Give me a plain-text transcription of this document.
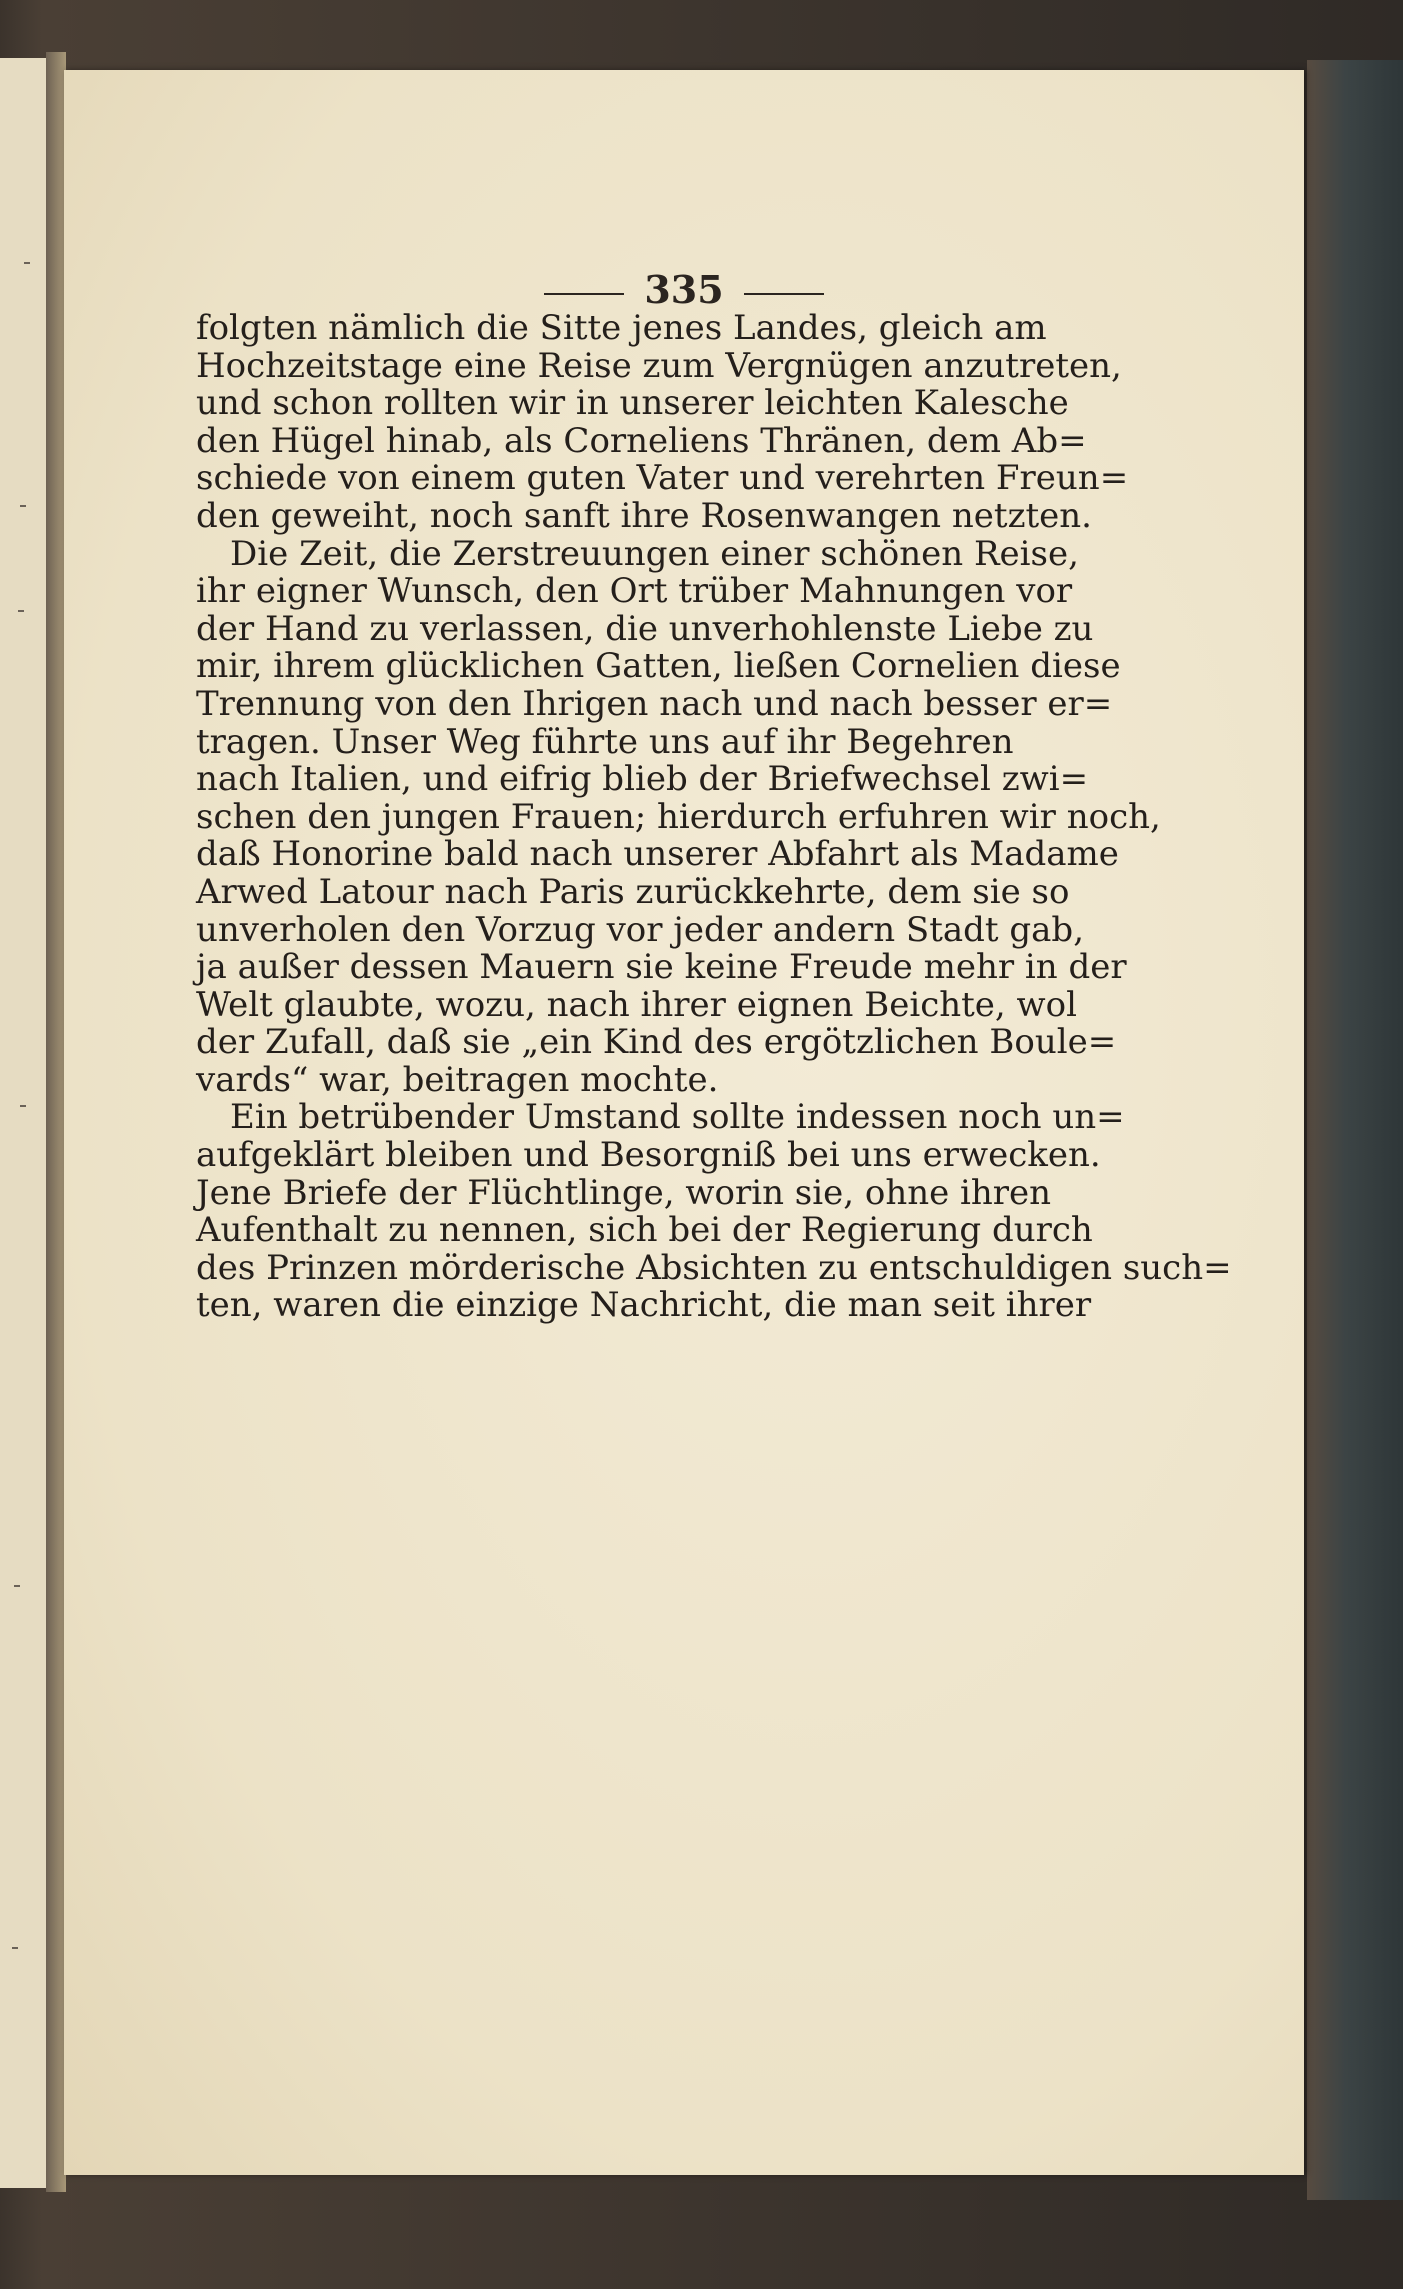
335
folgten nämlich die Sitte jenes Landes, gleich am
Hochzeitstage eine Reise zum Vergnügen anzutreten,
und schon rollten wir in unserer leichten Kalesche
den Hügel hinab, als Corneliens Thränen, dem Ab=
schiede von einem guten Vater und verehrten Freun=
den geweiht, noch sanft ihre Rosenwangen netzten.
Die Zeit, die Zerstreuungen einer schönen Reise,
ihr eigner Wunsch, den Ort trüber Mahnungen vor
der Hand zu verlassen, die unverhohlenste Liebe zu
mir, ihrem glücklichen Gatten, ließen Cornelien diese
Trennung von den Ihrigen nach und nach besser er=
tragen. Unser Weg führte uns auf ihr Begehren
nach Italien, und eifrig blieb der Briefwechsel zwi=
schen den jungen Frauen; hierdurch erfuhren wir noch,
daß Honorine bald nach unserer Abfahrt als Madame
Arwed Latour nach Paris zurückkehrte, dem sie so
unverholen den Vorzug vor jeder andern Stadt gab,
ja außer dessen Mauern sie keine Freude mehr in der
Welt glaubte, wozu, nach ihrer eignen Beichte, wol
der Zufall, daß sie „ein Kind des ergötzlichen Boule=
vards“ war, beitragen mochte.
Ein betrübender Umstand sollte indessen noch un=
aufgeklärt bleiben und Besorgniß bei uns erwecken.
Jene Briefe der Flüchtlinge, worin sie, ohne ihren
Aufenthalt zu nennen, sich bei der Regierung durch
des Prinzen mörderische Absichten zu entschuldigen such=
ten, waren die einzige Nachricht, die man seit ihrer
